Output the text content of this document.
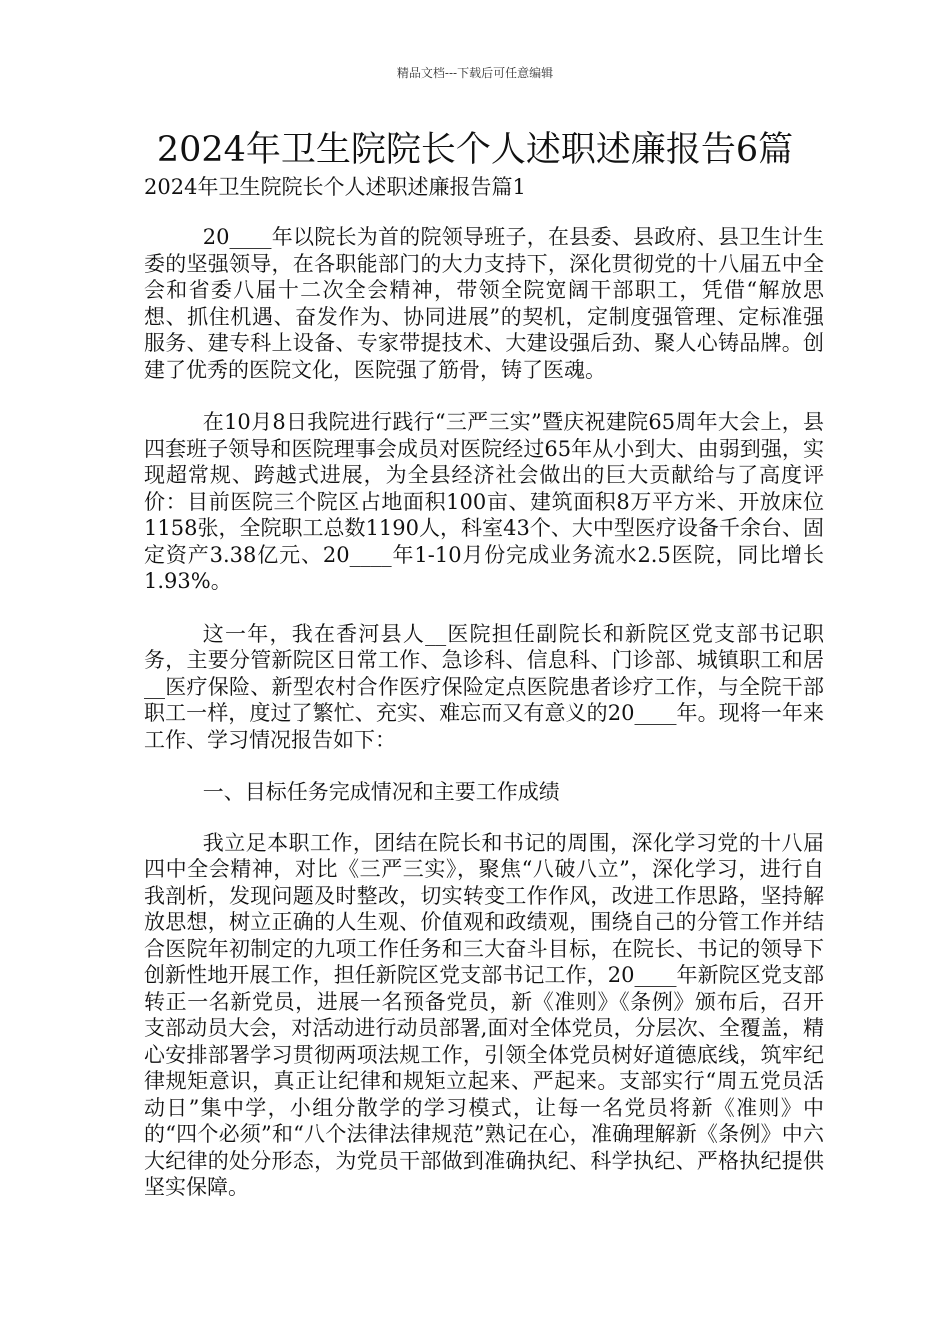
精品文档---下载后可任意编辑
2024年卫生院院长个人述职述廉报告6篇
2024年卫生院院长个人述职述廉报告篇1

20____年以院长为首的院领导班子，在县委、县政府、县卫生计生委的坚强领导，在各职能部门的大力支持下，深化贯彻党的十八届五中全会和省委八届十二次全会精神，带领全院宽阔干部职工，凭借“解放思想、抓住机遇、奋发作为、协同进展”的契机，定制度强管理、定标准强服务、建专科上设备、专家带提技术、大建设强后劲、聚人心铸品牌。创建了优秀的医院文化，医院强了筋骨，铸了医魂。

在10月8日我院进行践行“三严三实”暨庆祝建院65周年大会上，县四套班子领导和医院理事会成员对医院经过65年从小到大、由弱到强，实现超常规、跨越式进展，为全县经济社会做出的巨大贡献给与了高度评价：目前医院三个院区占地面积100亩、建筑面积8万平方米、开放床位1158张，全院职工总数1190人，科室43个、大中型医疗设备千余台、固定资产3.38亿元、20____年1-10月份完成业务流水2.5医院，同比增长1.93%。

这一年，我在香河县人__医院担任副院长和新院区党支部书记职务，主要分管新院区日常工作、急诊科、信息科、门诊部、城镇职工和居__医疗保险、新型农村合作医疗保险定点医院患者诊疗工作，与全院干部职工一样，度过了繁忙、充实、难忘而又有意义的20____年。现将一年来工作、学习情况报告如下：

一、目标任务完成情况和主要工作成绩

我立足本职工作，团结在院长和书记的周围，深化学习党的十八届四中全会精神，对比《三严三实》，聚焦“八破八立”，深化学习，进行自我剖析，发现问题及时整改，切实转变工作作风，改进工作思路，坚持解放思想，树立正确的人生观、价值观和政绩观，围绕自己的分管工作并结合医院年初制定的九项工作任务和三大奋斗目标，在院长、书记的领导下创新性地开展工作，担任新院区党支部书记工作，20____年新院区党支部转正一名新党员，进展一名预备党员，新《准则》《条例》颁布后，召开支部动员大会，对活动进行动员部署,面对全体党员，分层次、全覆盖，精心安排部署学习贯彻两项法规工作，引领全体党员树好道德底线，筑牢纪律规矩意识，真正让纪律和规矩立起来、严起来。支部实行“周五党员活动日”集中学，小组分散学的学习模式，让每一名党员将新《准则》中的“四个必须”和“八个法律法律规范”熟记在心，准确理解新《条例》中六大纪律的处分形态，为党员干部做到准确执纪、科学执纪、严格执纪提供坚实保障。
